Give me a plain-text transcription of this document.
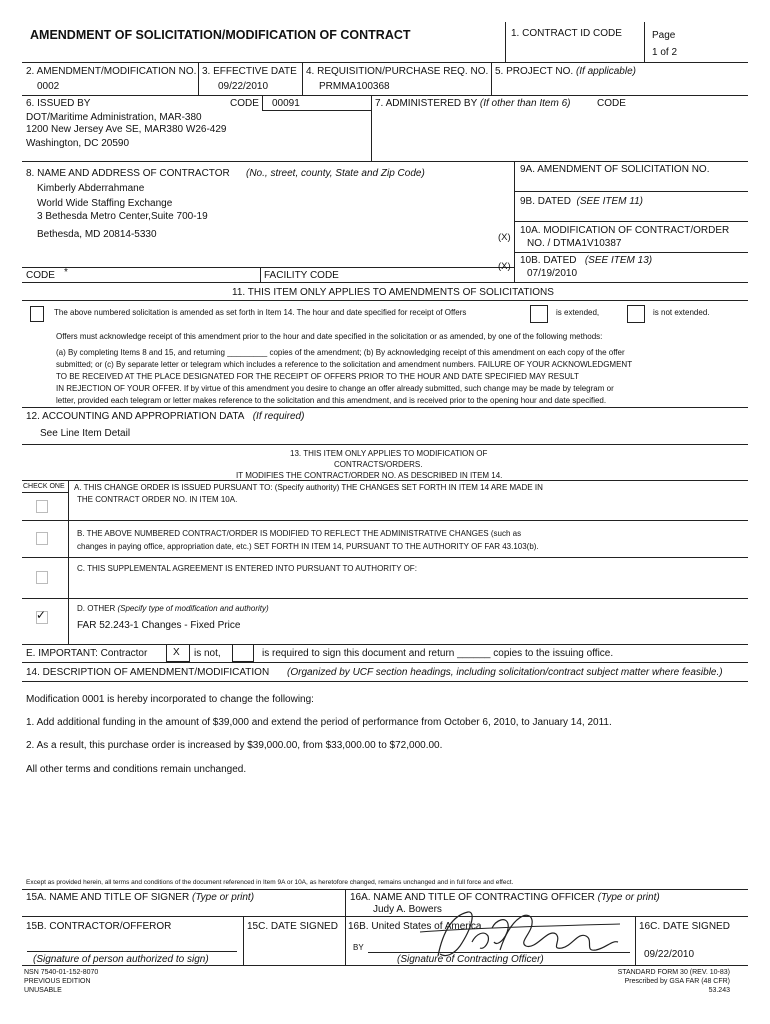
AMENDMENT OF SOLICITATION/MODIFICATION OF CONTRACT	1. CONTRACT ID CODE	Page
1 of 2
2. AMENDMENT/MODIFICATION NO.
0002
3. EFFECTIVE DATE
09/22/2010
4. REQUISITION/PURCHASE REQ. NO.
PRMMA100368
5. PROJECT NO. (If applicable)
6. ISSUED BY	CODE 00091
DOT/Maritime Administration, MAR-380
1200 New Jersey Ave SE, MAR380 W26-429
Washington, DC 20590
7. ADMINISTERED BY (If other than Item 6)	CODE
8. NAME AND ADDRESS OF CONTRACTOR (No., street, county, State and Zip Code)
Kimberly Abderrahmane
World Wide Staffing Exchange
3 Bethesda Metro Center,Suite 700-19
Bethesda, MD 20814-5330
CODE *	FACILITY CODE
9A. AMENDMENT OF SOLICITATION NO.
9B. DATED (SEE ITEM 11)
(X)
10A. MODIFICATION OF CONTRACT/ORDER
NO. / DTMA1V10387
(X)
10B. DATED (SEE ITEM 13)
07/19/2010
11. THIS ITEM ONLY APPLIES TO AMENDMENTS OF SOLICITATIONS
The above numbered solicitation is amended as set forth in Item 14. The hour and date specified for receipt of Offers	is extended,	is not extended.
Offers must acknowledge receipt of this amendment prior to the hour and date specified in the solicitation or as amended, by one of the following methods:
(a) By completing Items 8 and 15, and returning _________ copies of the amendment; (b) By acknowledging receipt of this amendment on each copy of the offer
submitted; or (c) By separate letter or telegram which includes a reference to the solicitation and amendment numbers. FAILURE OF YOUR ACKNOWLEDGMENT
TO BE RECEIVED AT THE PLACE DESIGNATED FOR THE RECEIPT OF OFFERS PRIOR TO THE HOUR AND DATE SPECIFIED MAY RESULT
IN REJECTION OF YOUR OFFER. If by virtue of this amendment you desire to change an offer already submitted, such change may be made by telegram or
letter, provided each telegram or letter makes reference to the solicitation and this amendment, and is received prior to the opening hour and date specified.
12. ACCOUNTING AND APPROPRIATION DATA (If required)
See Line Item Detail
13. THIS ITEM ONLY APPLIES TO MODIFICATION OF
CONTRACTS/ORDERS.
IT MODIFIES THE CONTRACT/ORDER NO. AS DESCRIBED IN ITEM 14.
CHECK ONE A. THIS CHANGE ORDER IS ISSUED PURSUANT TO: (Specify authority) THE CHANGES SET FORTH IN ITEM 14 ARE MADE IN
THE CONTRACT ORDER NO. IN ITEM 10A.
B. THE ABOVE NUMBERED CONTRACT/ORDER IS MODIFIED TO REFLECT THE ADMINISTRATIVE CHANGES (such as
changes in paying office, appropriation date, etc.) SET FORTH IN ITEM 14, PURSUANT TO THE AUTHORITY OF FAR 43.103(b).
C. THIS SUPPLEMENTAL AGREEMENT IS ENTERED INTO PURSUANT TO AUTHORITY OF:
✓	D. OTHER (Specify type of modification and authority)
FAR 52.243-1 Changes - Fixed Price
E. IMPORTANT: Contractor	X is not,	is required to sign this document and return ______ copies to the issuing office.
14. DESCRIPTION OF AMENDMENT/MODIFICATION (Organized by UCF section headings, including solicitation/contract subject matter where feasible.)
Modification 0001 is hereby incorporated to change the following:
1. Add additional funding in the amount of $39,000 and extend the period of performance from October 6, 2010, to January 14, 2011.
2. As a result, this purchase order is increased by $39,000.00, from $33,000.00 to $72,000.00.
All other terms and conditions remain unchanged.
Except as provided herein, all terms and conditions of the document referenced in Item 9A or 10A, as heretofore changed, remains unchanged and in full force and effect.
15A. NAME AND TITLE OF SIGNER (Type or print)	16A. NAME AND TITLE OF CONTRACTING OFFICER (Type or print)
Judy A. Bowers
15B. CONTRACTOR/OFFEROR	15C. DATE SIGNED
(Signature of person authorized to sign)
16B. United States of America
BY
(Signature of Contracting Officer)
16C. DATE SIGNED
09/22/2010
NSN 7540-01-152-8070
PREVIOUS EDITION
UNUSABLE
STANDARD FORM 30 (REV. 10-83)
Prescribed by GSA FAR (48 CFR)
53.243
